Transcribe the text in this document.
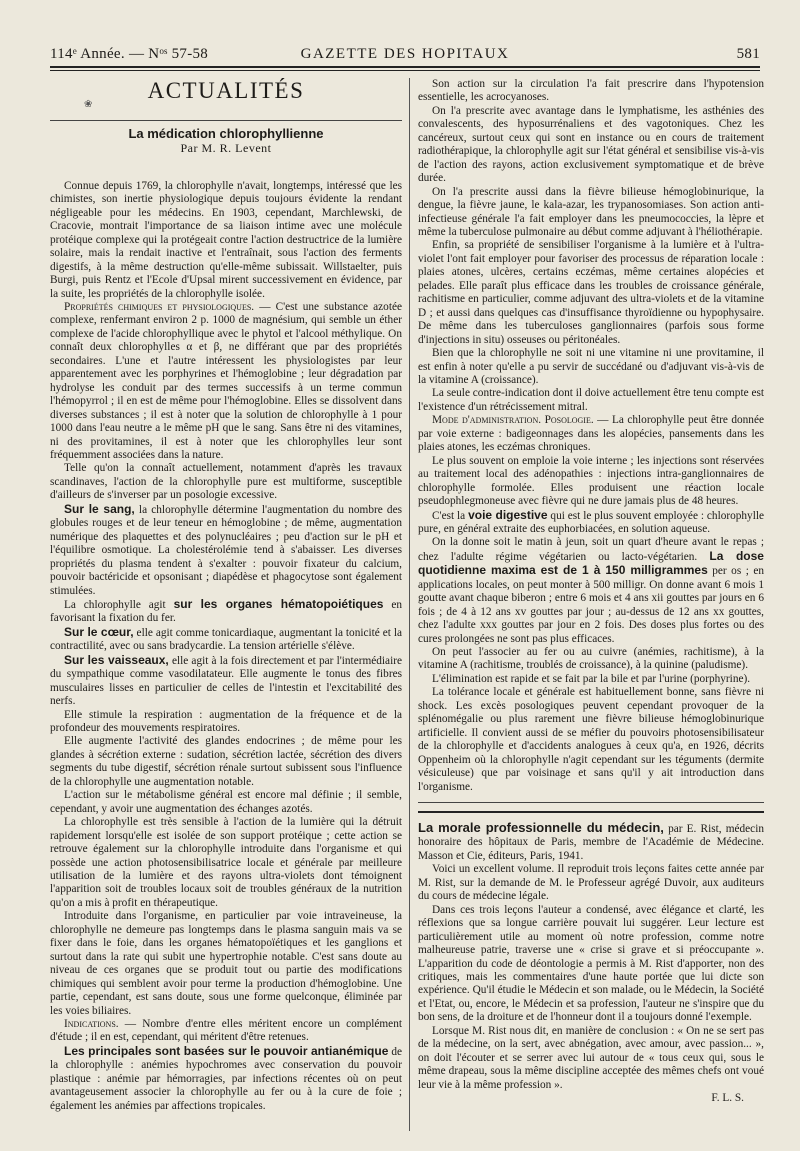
114ᵉ Année. — Nᵒˢ 57-58	GAZETTE DES HOPITAUX	581
❀
ACTUALITÉS
La médication chlorophyllienne
Par M. R. Levent

Connue depuis 1769, la chlorophylle n'avait, longtemps, intéressé que les chimistes, son inertie physiologique depuis toujours évidente la rendant négligeable pour les médecins. En 1903, cependant, Marchlewski, de Cracovie, montrait l'importance de sa liaison intime avec une molécule protéique complexe qui la protégeait contre l'action destructrice de la lumière solaire, mais la rendait inactive et l'entraînait, sous l'action des ferments digestifs, à la même destruction qu'elle-même subissait. Willstaelter, puis Burgi, puis Rentz et l'Ecole d'Upsal mirent successivement en évidence, par la suite, les propriétés de la chlorophylle isolée.

Propriétés chimiques et physiologiques. — C'est une substance azotée complexe, renfermant environ 2 p. 1000 de magnésium, qui semble un éther complexe de l'acide chlorophyllique avec le phytol et l'alcool méthylique. On connaît deux chlorophylles α et β, ne différant que par des propriétés secondaires. L'une et l'autre intéressent les physiologistes par leur apparentement avec les porphyrines et l'hémoglobine ; leur dégradation par hydrolyse les conduit par des termes successifs à un terme commun l'hémopyrrol ; il en est de même pour l'hémoglobine. Elles se dissolvent dans diverses substances ; il est à noter que la solution de chlorophylle à 1 pour 1000 dans l'eau neutre a le même pH que le sang. Sans être ni des vitamines, ni des provitamines, il est à noter que les chlorophylles leur sont fréquemment associées dans la nature.

Telle qu'on la connaît actuellement, notamment d'après les travaux scandinaves, l'action de la chlorophylle pure est multiforme, susceptible d'ailleurs de s'inverser par un posologie excessive.

Sur le sang, la chlorophylle détermine l'augmentation du nombre des globules rouges et de leur teneur en hémoglobine ; de même, augmentation numérique des plaquettes et des polynucléaires ; peu d'action sur le pH et l'équilibre osmotique. La cholestérolémie tend à s'abaisser. Les diverses propriétés du plasma tendent à s'exalter : pouvoir fixateur du calcium, pouvoir bactéricide et opsonisant ; diapédèse et phagocytose sont également stimulées.

La chlorophylle agit sur les organes hématopoiétiques en favorisant la fixation du fer.

Sur le cœur, elle agit comme tonicardiaque, augmentant la tonicité et la contractilité, avec ou sans bradycardie. La tension artérielle s'élève.

Sur les vaisseaux, elle agit à la fois directement et par l'intermédiaire du sympathique comme vasodilatateur. Elle augmente le tonus des fibres musculaires lisses en particulier de celles de l'intestin et l'excitabilité des nerfs.

Elle stimule la respiration : augmentation de la fréquence et de la profondeur des mouvements respiratoires.

Elle augmente l'activité des glandes endocrines ; de même pour les glandes à sécrétion externe : sudation, sécrétion lactée, sécrétion des divers segments du tube digestif, sécrétion rénale surtout subissent sous l'influence de la chlorophylle une augmentation notable.

L'action sur le métabolisme général est encore mal définie ; il semble, cependant, y avoir une augmentation des échanges azotés.

La chlorophylle est très sensible à l'action de la lumière qui la détruit rapidement lorsqu'elle est isolée de son support protéique ; cette action se retrouve également sur la chlorophylle introduite dans l'organisme et qui possède une action photosensibilisatrice locale et générale par meilleure utilisation de la lumière et des rayons ultra-violets dont témoignent l'apparition soit de troubles locaux soit de troubles généraux de la nutrition qu'on a mis à profit en thérapeutique.

Introduite dans l'organisme, en particulier par voie intraveineuse, la chlorophylle ne demeure pas longtemps dans le plasma sanguin mais va se fixer dans le foie, dans les organes hématopoïétiques et les ganglions et surtout dans la rate qui subit une hypertrophie notable. C'est sans doute au niveau de ces organes que se produit tout ou partie des modifications chimiques qui semblent avoir pour terme la production d'hémoglobine. Une partie, cependant, est sans doute, sous une forme quelconque, éliminée par les voies biliaires.

Indications. — Nombre d'entre elles méritent encore un complément d'étude ; il en est, cependant, qui méritent d'être retenues.

Les principales sont basées sur le pouvoir antianémique de la chlorophylle : anémies hypochromes avec conservation du pouvoir plastique : anémie par hémorragies, par infections récentes où on peut avantageusement associer la chlorophylle au fer ou à la cure de foie ; également les anémies par affections tropicales.

Son action sur la circulation l'a fait prescrire dans l'hypotension essentielle, les acrocyanoses.

On l'a prescrite avec avantage dans le lymphatisme, les asthénies des convalescents, des hyposurrénaliens et des vagotoniques. Chez les cancéreux, surtout ceux qui sont en instance ou en cours de traitement radiothérapique, la chlorophylle agit sur l'état général et sensibilise vis-à-vis de l'action des rayons, action exclusivement symptomatique et de brève durée.

On l'a prescrite aussi dans la fièvre bilieuse hémoglobinurique, la dengue, la fièvre jaune, le kala-azar, les trypanosomiases. Son action anti-infectieuse générale l'a fait employer dans les pneumococcies, la lèpre et même la tuberculose pulmonaire au début comme adjuvant à l'héliothérapie.

Enfin, sa propriété de sensibiliser l'organisme à la lumière et à l'ultra-violet l'ont fait employer pour favoriser des processus de réparation locale : plaies atones, ulcères, certains eczémas, même certaines alopécies et pelades. Elle paraît plus efficace dans les troubles de croissance générale, rachitisme en particulier, comme adjuvant des ultra-violets et de la vitamine D ; et aussi dans quelques cas d'insuffisance thyroïdienne ou hypophysaire. De même dans les tuberculoses ganglionnaires (parfois sous forme d'injections in situ) osseuses ou péritonéales.

Bien que la chlorophylle ne soit ni une vitamine ni une provitamine, il est enfin à noter qu'elle a pu servir de succédané ou d'adjuvant vis-à-vis de la vitamine A (croissance).

La seule contre-indication dont il doive actuellement être tenu compte est l'existence d'un rétrécissement mitral.

Mode d'administration. Posologie. — La chlorophylle peut être donnée par voie externe : badigeonnages dans les alopécies, pansements dans les plaies atones, les eczémas chroniques.

Le plus souvent on emploie la voie interne ; les injections sont réservées au traitement local des adénopathies : injections intra-ganglionnaires de chlorophylle formolée. Elles produisent une réaction locale pseudophlegmoneuse avec fièvre qui ne dure jamais plus de 48 heures.

C'est la voie digestive qui est le plus souvent employée : chlorophylle pure, en général extraite des euphorbiacées, en solution aqueuse.

On la donne soit le matin à jeun, soit un quart d'heure avant le repas ; chez l'adulte régime végétarien ou lacto-végétarien. La dose quotidienne maxima est de 1 à 150 milligrammes per os ; en applications locales, on peut monter à 500 milligr. On donne avant 6 mois 1 goutte avant chaque biberon ; entre 6 mois et 4 ans xii gouttes par jours en 6 fois ; de 4 à 12 ans xv gouttes par jour ; au-dessus de 12 ans xx gouttes, chez l'adulte xxx gouttes par jour en 2 fois. Des doses plus fortes ou des cures prolongées ne sont pas plus efficaces.

On peut l'associer au fer ou au cuivre (anémies, rachitisme), à la vitamine A (rachitisme, troublés de croissance), à la quinine (paludisme).

L'élimination est rapide et se fait par la bile et par l'urine (porphyrine).

La tolérance locale et générale est habituellement bonne, sans fièvre ni shock. Les excès posologiques peuvent cependant provoquer de la splénomégalie ou plus rarement une fièvre bilieuse hémoglobinurique artificielle. Il convient aussi de se méfier du pouvoirs photosensibilisateur de la chlorophylle et d'accidents analogues à ceux qu'a, en 1926, décrits Oppenheim où la chlorophylle n'agit cependant sur les téguments (dermite vésiculeuse) que par voisinage et sans qu'il y ait introduction dans l'organisme.

La morale professionnelle du médecin, par E. Rist, médecin honoraire des hôpitaux de Paris, membre de l'Académie de Médecine. Masson et Cie, éditeurs, Paris, 1941.

Voici un excellent volume. Il reproduit trois leçons faites cette année par M. Rist, sur la demande de M. le Professeur agrégé Duvoir, aux auditeurs du cours de médecine légale.

Dans ces trois leçons l'auteur a condensé, avec élégance et clarté, les réflexions que sa longue carrière pouvait lui suggérer. Leur lecture est particulièrement utile au moment où notre profession, comme notre malheureuse patrie, traverse une « crise si grave et si préoccupante ». L'apparition du code de déontologie a permis à M. Rist d'apporter, non des critiques, mais les commentaires d'une haute portée que lui dicte son expérience. Qu'il étudie le Médecin et son malade, ou le Médecin, la Société et l'Etat, ou, encore, le Médecin et sa profession, l'auteur ne s'inspire que du bon sens, de la droiture et de l'honneur dont il a toujours donné l'exemple.

Lorsque M. Rist nous dit, en manière de conclusion : « On ne se sert pas de la médecine, on la sert, avec abnégation, avec amour, avec passion... », on doit l'écouter et se serrer avec lui autour de « tous ceux qui, sous le même drapeau, sous la même discipline acceptée des mêmes chefs ont voué leur vie à la même profession ».

F. L. S.
